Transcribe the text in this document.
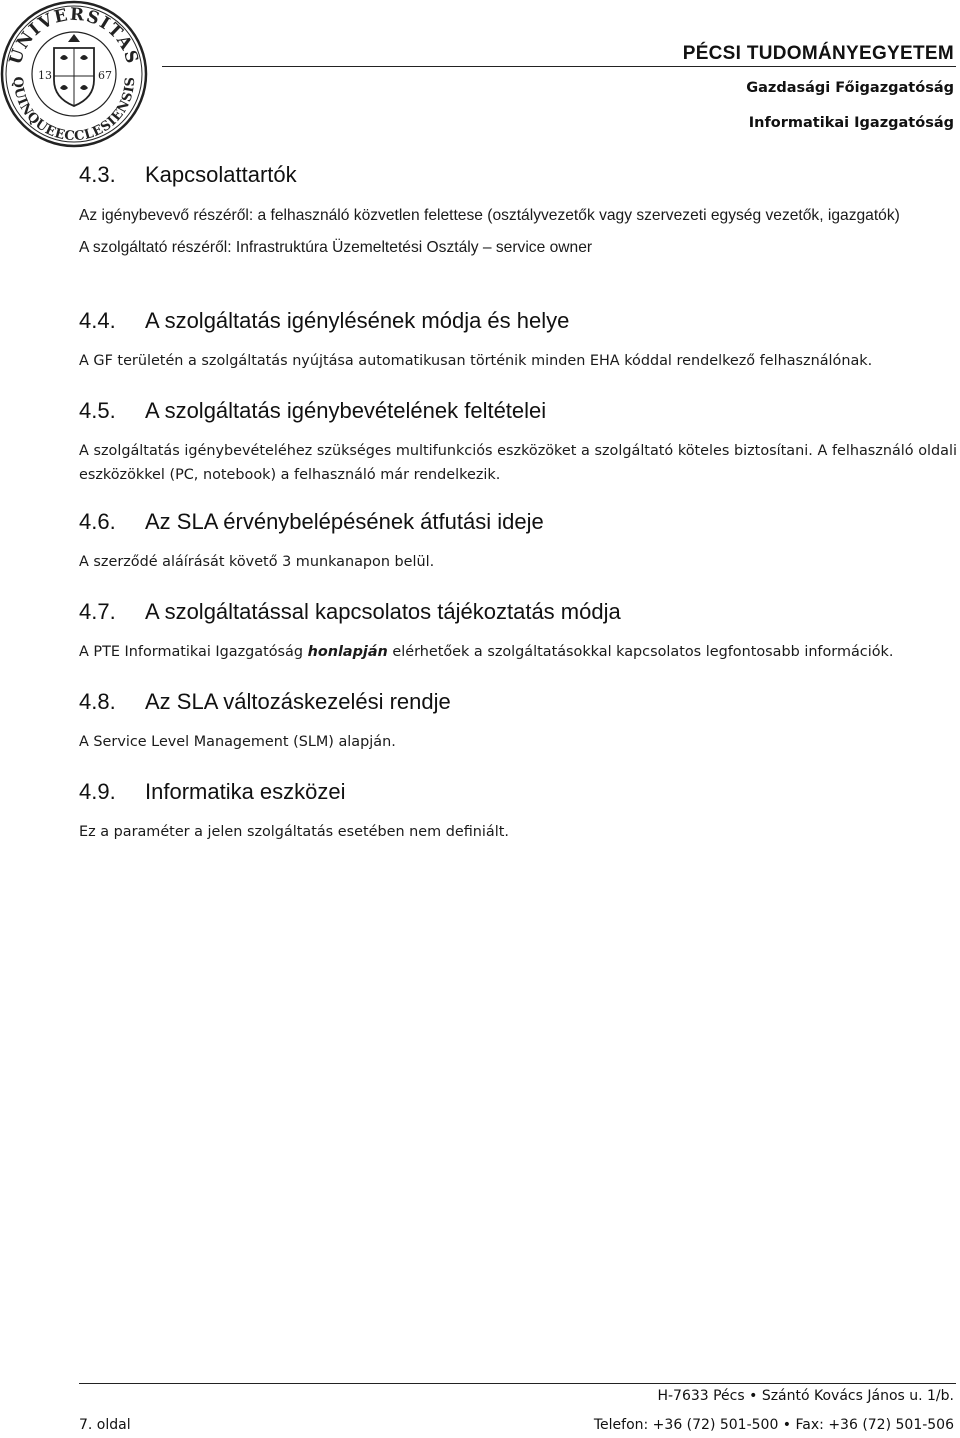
UNIVERSITAS
QUINQUEECCLESIENSIS
13	67
PÉCSI TUDOMÁNYEGYETEM
Gazdasági Főigazgatóság
Informatikai Igazgatóság
4.3.	Kapcsolattartók

Az igénybevevő részéről: a felhasználó közvetlen felettese (osztályvezetők vagy szervezeti egység vezetők, igazgatók)

A szolgáltató részéről: Infrastruktúra Üzemeltetési Osztály – service owner

4.4.	A szolgáltatás igénylésének módja és helye

A GF területén a szolgáltatás nyújtása automatikusan történik minden EHA kóddal rendelkező felhasználónak.

4.5.	A szolgáltatás igénybevételének feltételei

A szolgáltatás igénybevételéhez szükséges multifunkciós eszközöket a szolgáltató köteles biztosítani. A felhasználó oldali eszközökkel (PC, notebook) a felhasználó már rendelkezik.

4.6.	Az SLA érvénybelépésének átfutási ideje

A szerződé aláírását követő 3 munkanapon belül.

4.7.	A szolgáltatással kapcsolatos tájékoztatás módja

A PTE Informatikai Igazgatóság honlapján elérhetőek a szolgáltatásokkal kapcsolatos legfontosabb információk.

4.8.	Az SLA változáskezelési rendje

A Service Level Management (SLM) alapján.

4.9.	Informatika eszközei

Ez a paraméter a jelen szolgáltatás esetében nem definiált.

H-7633 Pécs • Szántó Kovács János u. 1/b.
7. oldal	Telefon: +36 (72) 501-500 • Fax: +36 (72) 501-506
